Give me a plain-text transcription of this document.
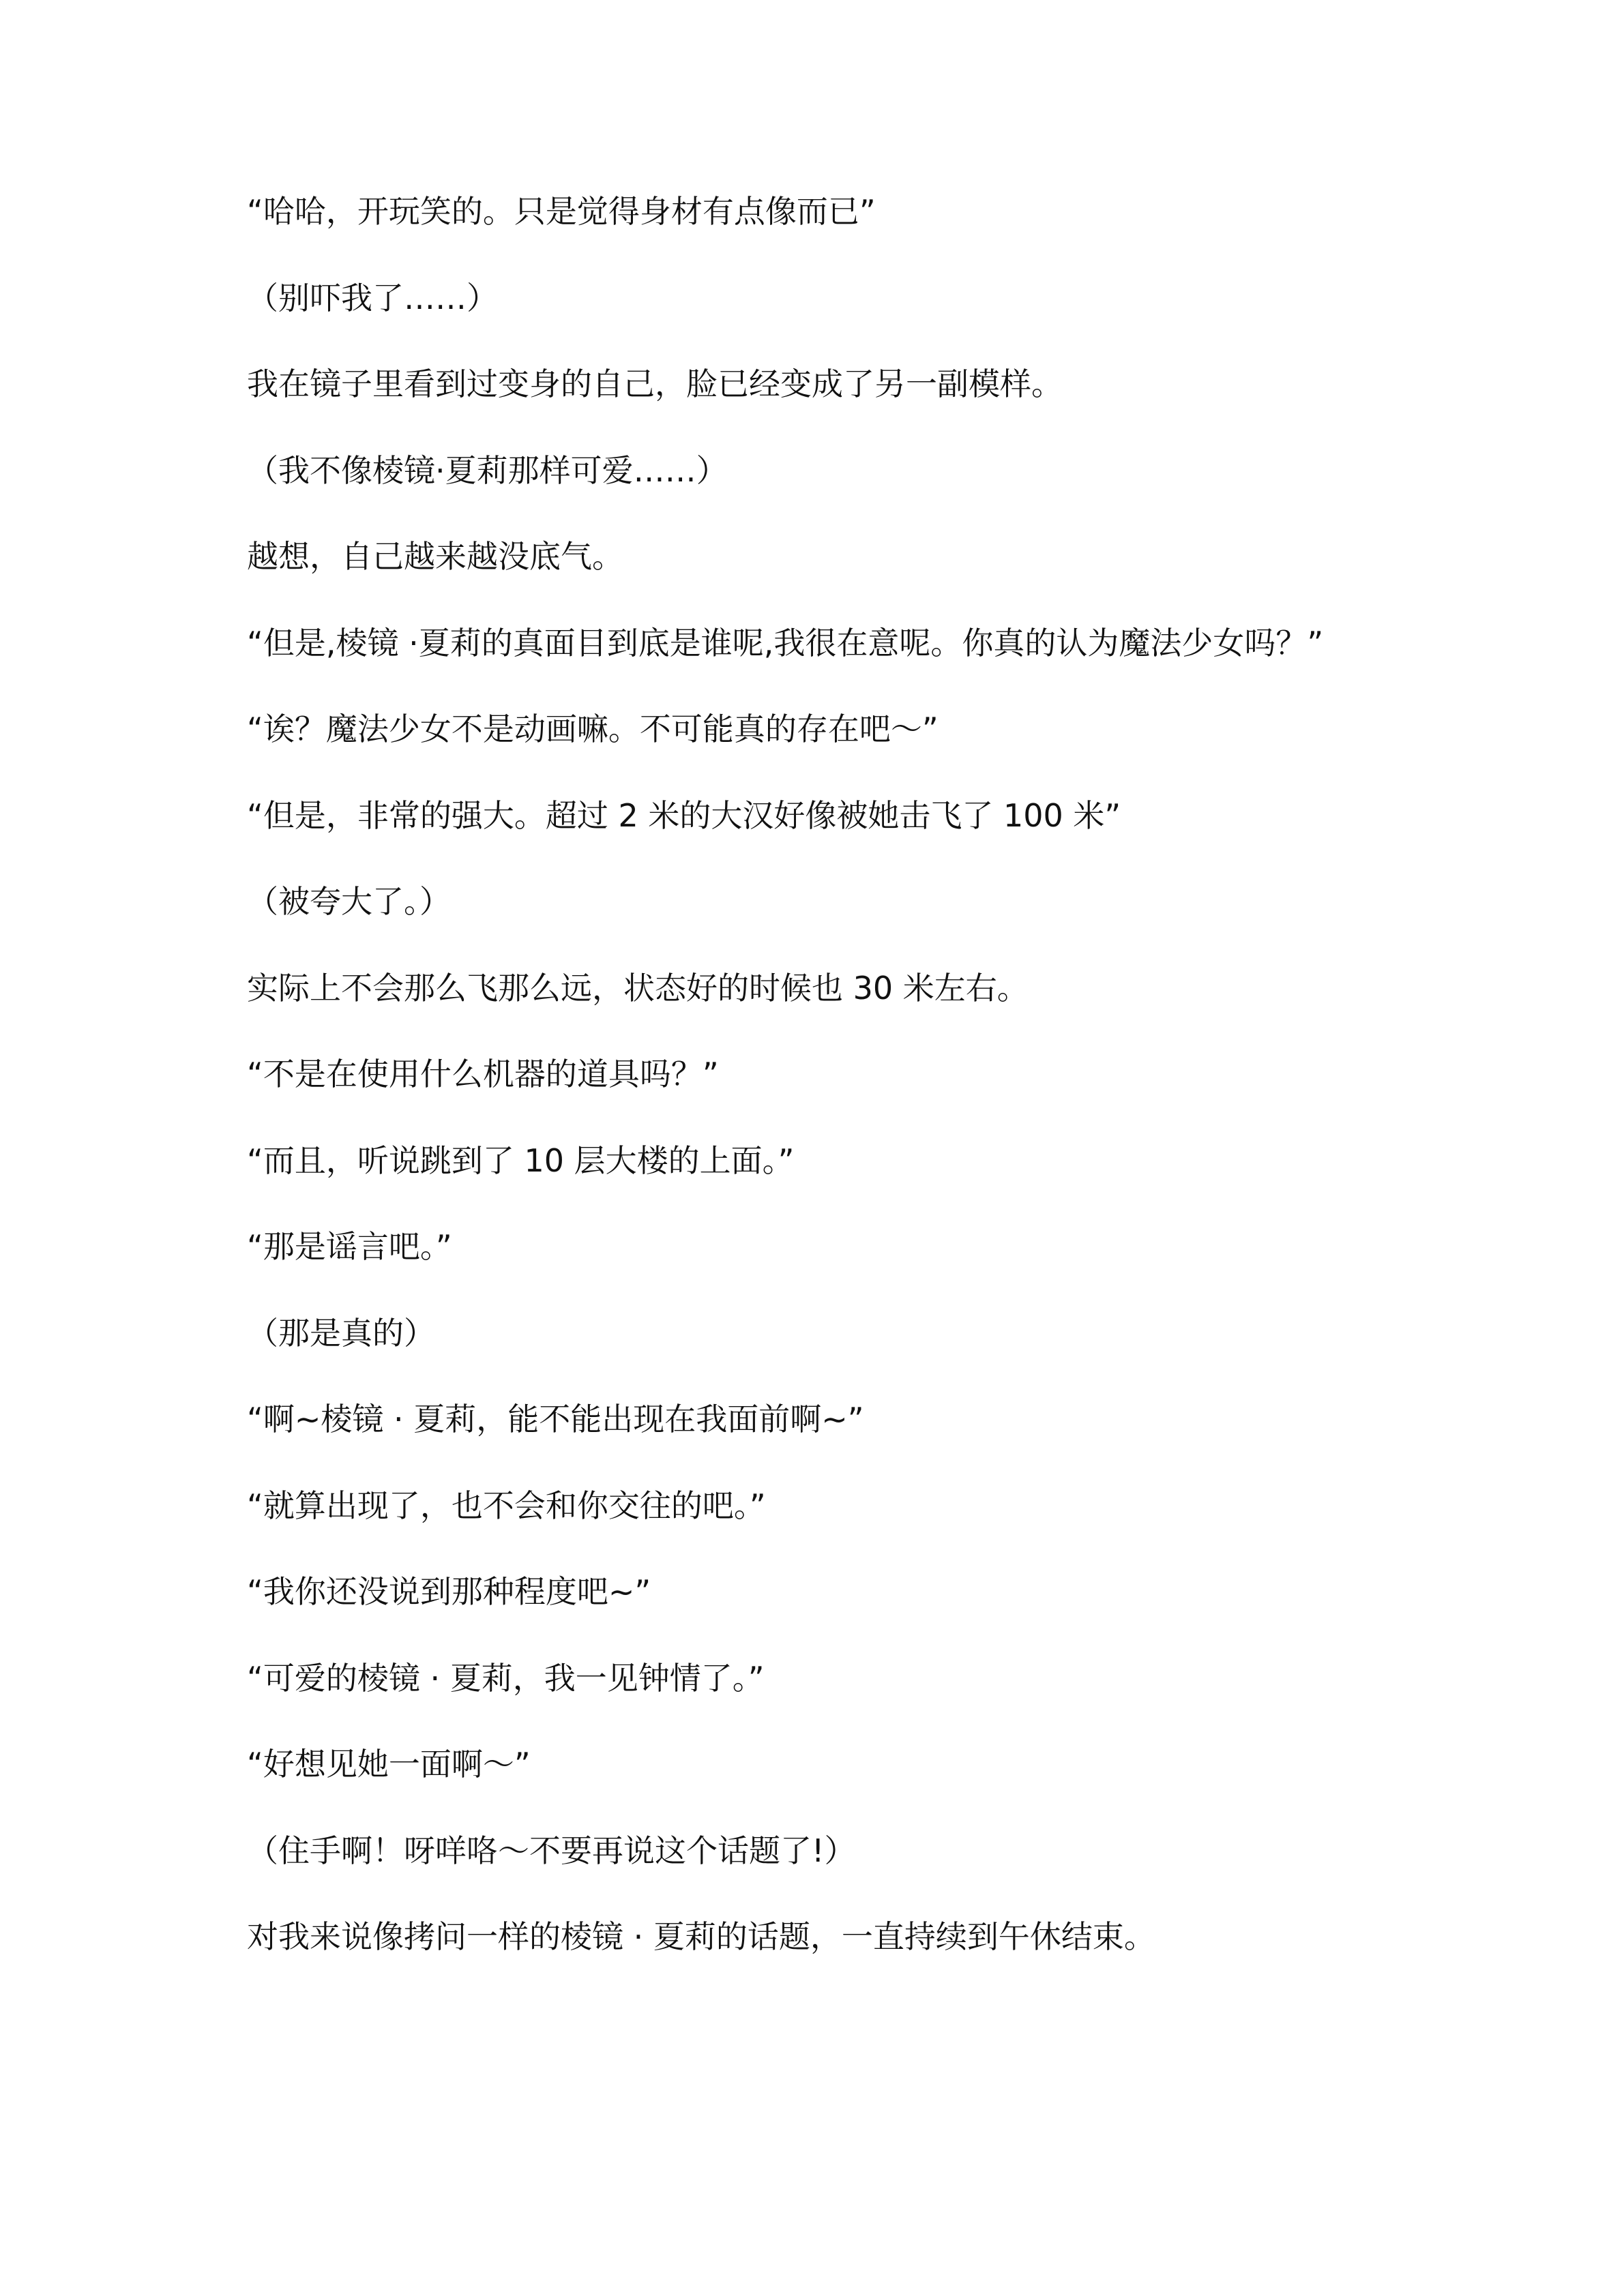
“哈哈，开玩笑的。只是觉得身材有点像而已”

（别吓我了……）

我在镜子里看到过变身的自己，脸已经变成了另一副模样。

（我不像棱镜·夏莉那样可爱……）

越想，自己越来越没底气。

“但是,棱镜 ·夏莉的真面目到底是谁呢,我很在意呢。你真的认为魔法少女吗？”

“诶？魔法少女不是动画嘛。不可能真的存在吧～”

“但是，非常的强大。超过 2 米的大汉好像被她击飞了 100 米”

（被夸大了。）

实际上不会那么飞那么远，状态好的时候也 30 米左右。

“不是在使用什么机器的道具吗？”

“而且，听说跳到了 10 层大楼的上面。”

“那是谣言吧。”

（那是真的）

“啊~棱镜 · 夏莉，能不能出现在我面前啊~”

“就算出现了，也不会和你交往的吧。”

“我你还没说到那种程度吧~”

“可爱的棱镜 · 夏莉，我一见钟情了。”

“好想见她一面啊～”

（住手啊！呀咩咯～不要再说这个话题了!）

对我来说像拷问一样的棱镜 · 夏莉的话题，一直持续到午休结束。
